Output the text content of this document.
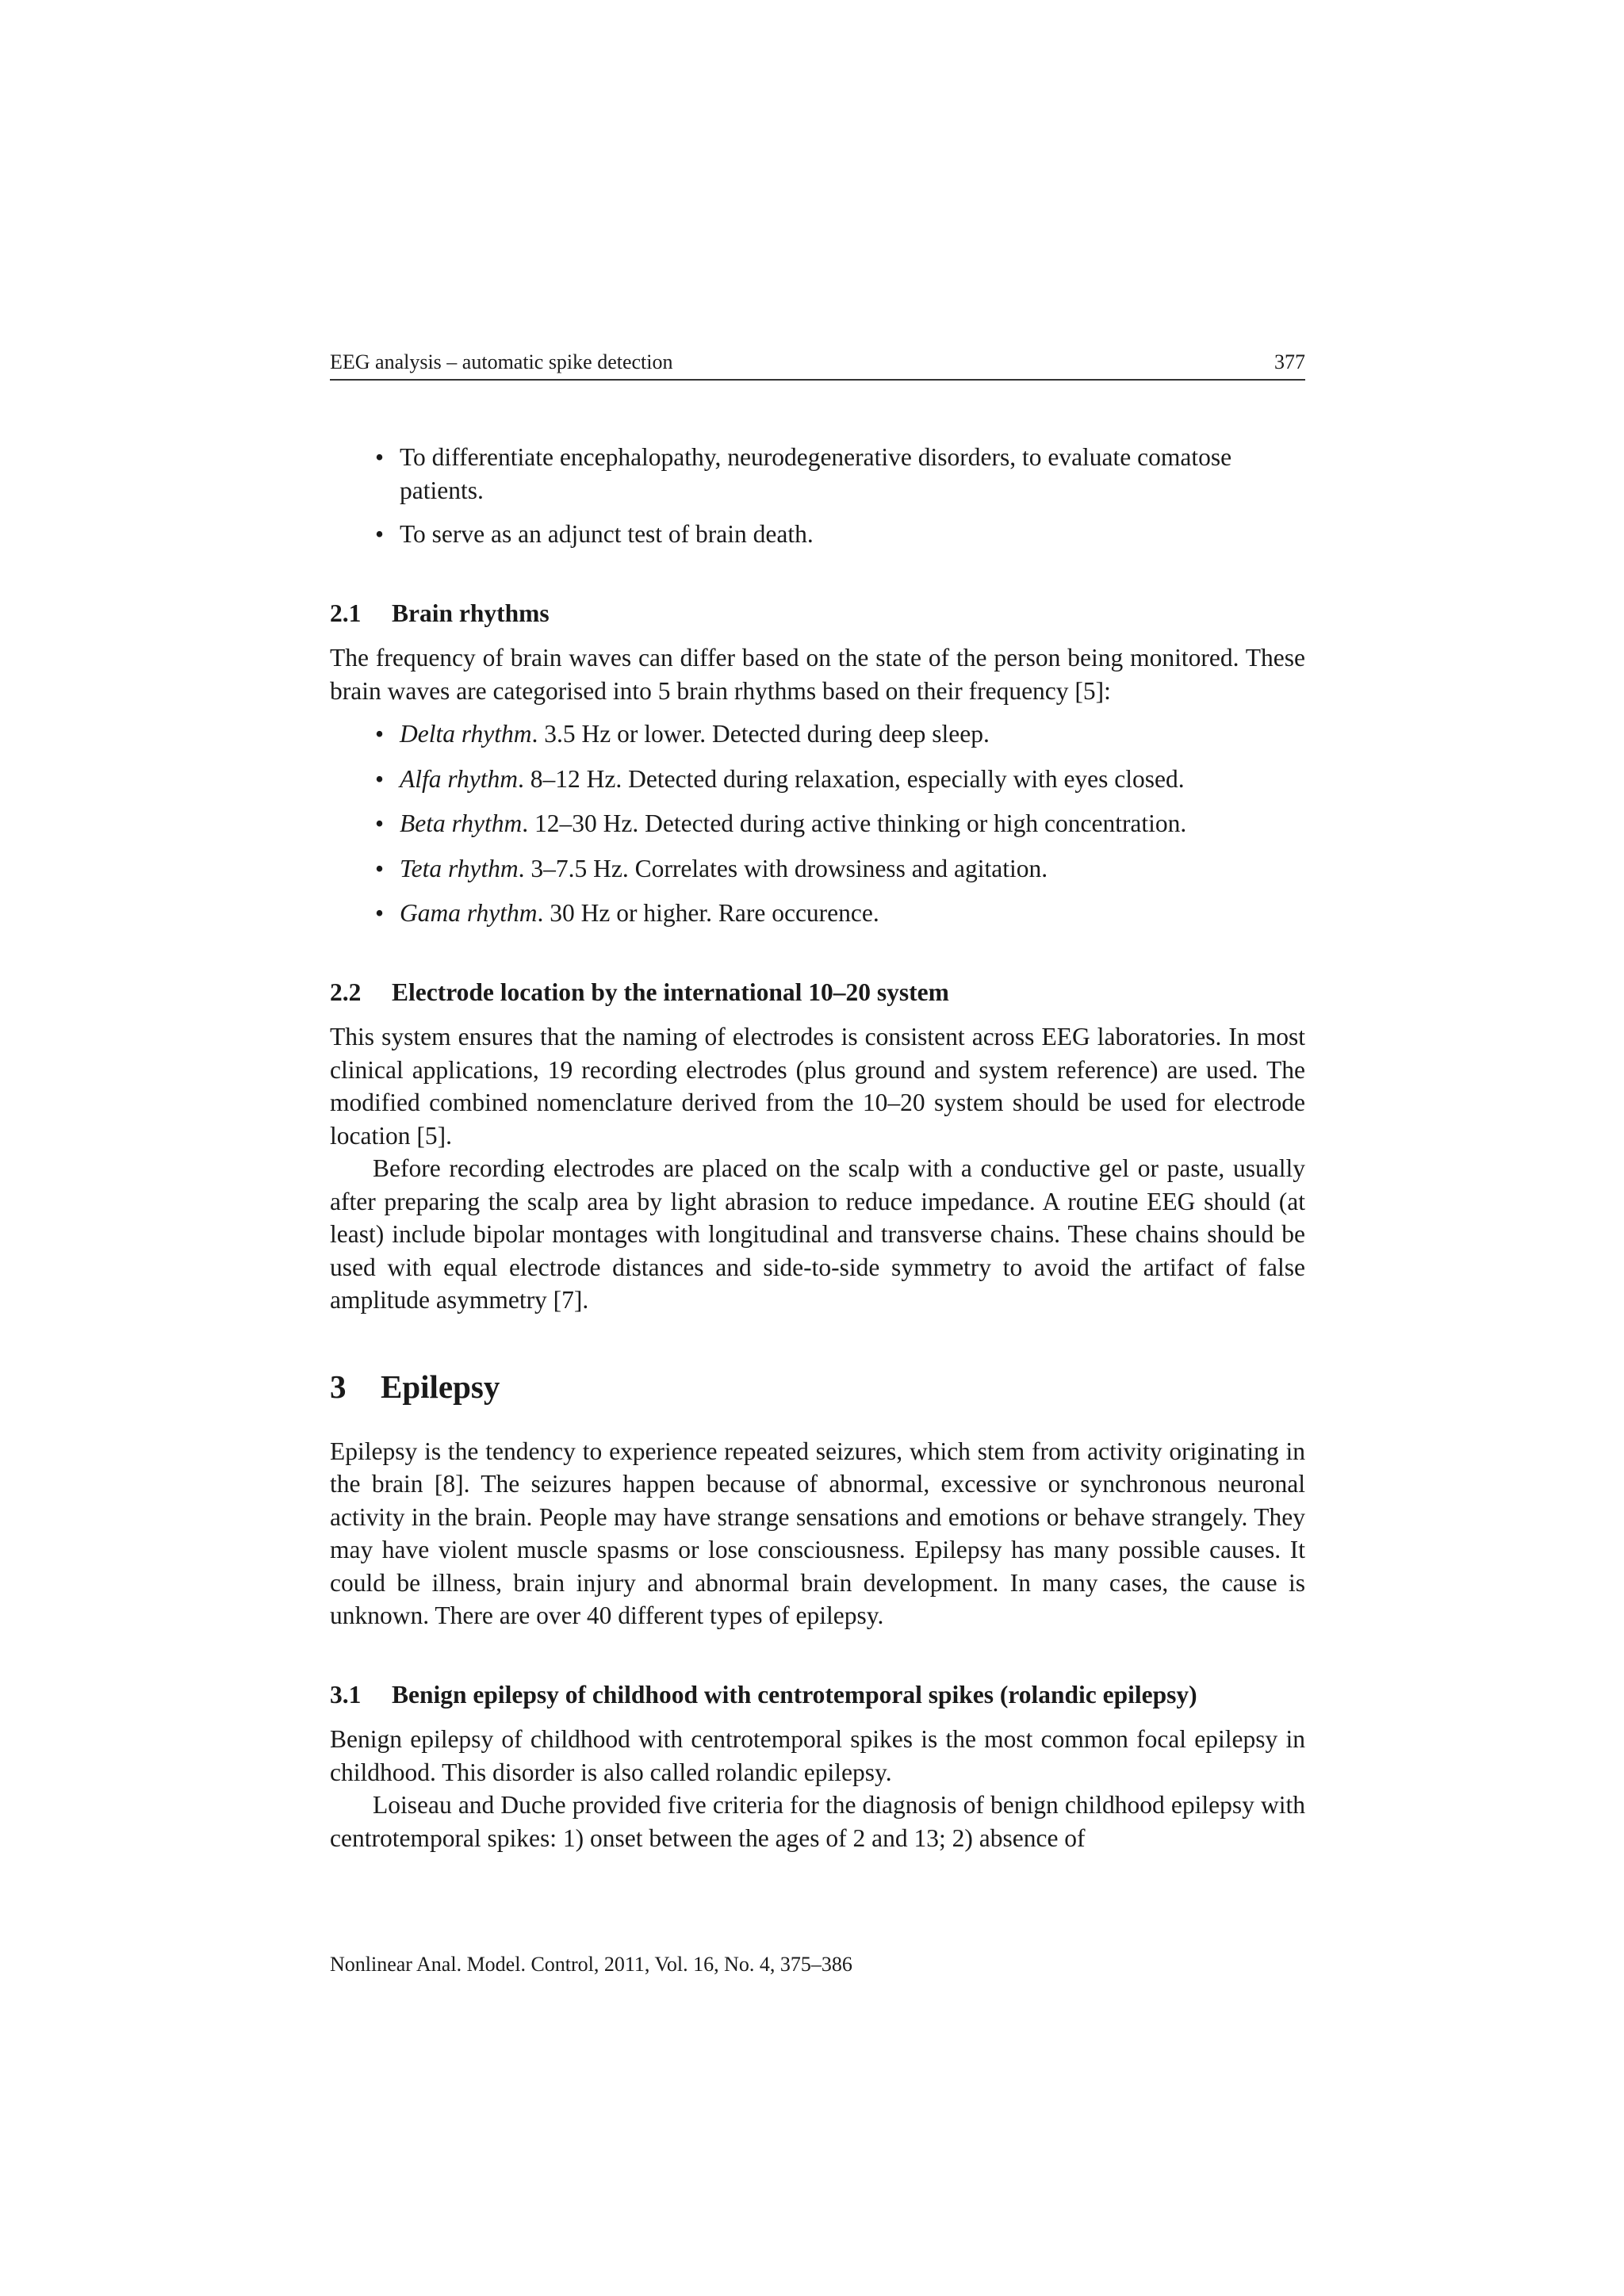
EEG analysis – automatic spike detection	377
• To differentiate encephalopathy, neurodegenerative disorders, to evaluate comatose patients.
• To serve as an adjunct test of brain death.
2.1 Brain rhythms

The frequency of brain waves can differ based on the state of the person being monitored. These brain waves are categorised into 5 brain rhythms based on their frequency [5]:

• Delta rhythm. 3.5 Hz or lower. Detected during deep sleep.
• Alfa rhythm. 8–12 Hz. Detected during relaxation, especially with eyes closed.
• Beta rhythm. 12–30 Hz. Detected during active thinking or high concentration.
• Teta rhythm. 3–7.5 Hz. Correlates with drowsiness and agitation.
• Gama rhythm. 30 Hz or higher. Rare occurence.
2.2 Electrode location by the international 10–20 system

This system ensures that the naming of electrodes is consistent across EEG laboratories. In most clinical applications, 19 recording electrodes (plus ground and system reference) are used. The modified combined nomenclature derived from the 10–20 system should be used for electrode location [5].

Before recording electrodes are placed on the scalp with a conductive gel or paste, usually after preparing the scalp area by light abrasion to reduce impedance. A routine EEG should (at least) include bipolar montages with longitudinal and transverse chains. These chains should be used with equal electrode distances and side-to-side symmetry to avoid the artifact of false amplitude asymmetry [7].

3 Epilepsy

Epilepsy is the tendency to experience repeated seizures, which stem from activity originating in the brain [8]. The seizures happen because of abnormal, excessive or synchronous neuronal activity in the brain. People may have strange sensations and emotions or behave strangely. They may have violent muscle spasms or lose consciousness. Epilepsy has many possible causes. It could be illness, brain injury and abnormal brain development. In many cases, the cause is unknown. There are over 40 different types of epilepsy.

3.1 Benign epilepsy of childhood with centrotemporal spikes (rolandic epilepsy)

Benign epilepsy of childhood with centrotemporal spikes is the most common focal epilepsy in childhood. This disorder is also called rolandic epilepsy.

Loiseau and Duche provided five criteria for the diagnosis of benign childhood epilepsy with centrotemporal spikes: 1) onset between the ages of 2 and 13; 2) absence of

Nonlinear Anal. Model. Control, 2011, Vol. 16, No. 4, 375–386
